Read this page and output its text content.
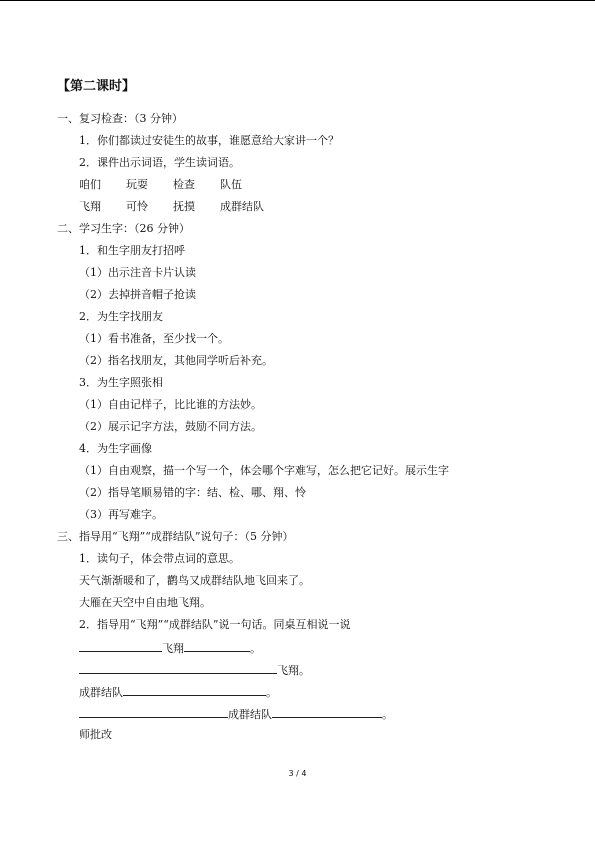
【第二课时】
一、复习检查：（3 分钟）
1．你们都读过安徒生的故事，谁愿意给大家讲一个？
2．课件出示词语，学生读词语。
咱们 玩耍 检查 队伍
飞翔 可怜 抚摸 成群结队
二、学习生字：（26 分钟）
1．和生字朋友打招呼
（1）出示注音卡片认读
（2）去掉拼音帽子抢读
2．为生字找朋友
（1）看书准备，至少找一个。
（2）指名找朋友，其他同学听后补充。
3．为生字照张相
（1）自由记样子，比比谁的方法妙。
（2）展示记字方法，鼓励不同方法。
4．为生字画像
（1）自由观察，描一个写一个，体会哪个字难写，怎么把它记好。展示生字
（2）指导笔顺易错的字：结、检、哪、翔、怜
（3）再写难字。
三、指导用“飞翔”“成群结队”说句子：（5 分钟）
1．读句子，体会带点词的意思。
天气渐渐暖和了，鹳鸟又成群结队地飞回来了。
大雁在天空中自由地飞翔。
2．指导用“飞翔”“成群结队”说一句话。同桌互相说一说
飞翔	。
飞翔。
成群结队	。
成群结队	。
师批改
3 / 4
